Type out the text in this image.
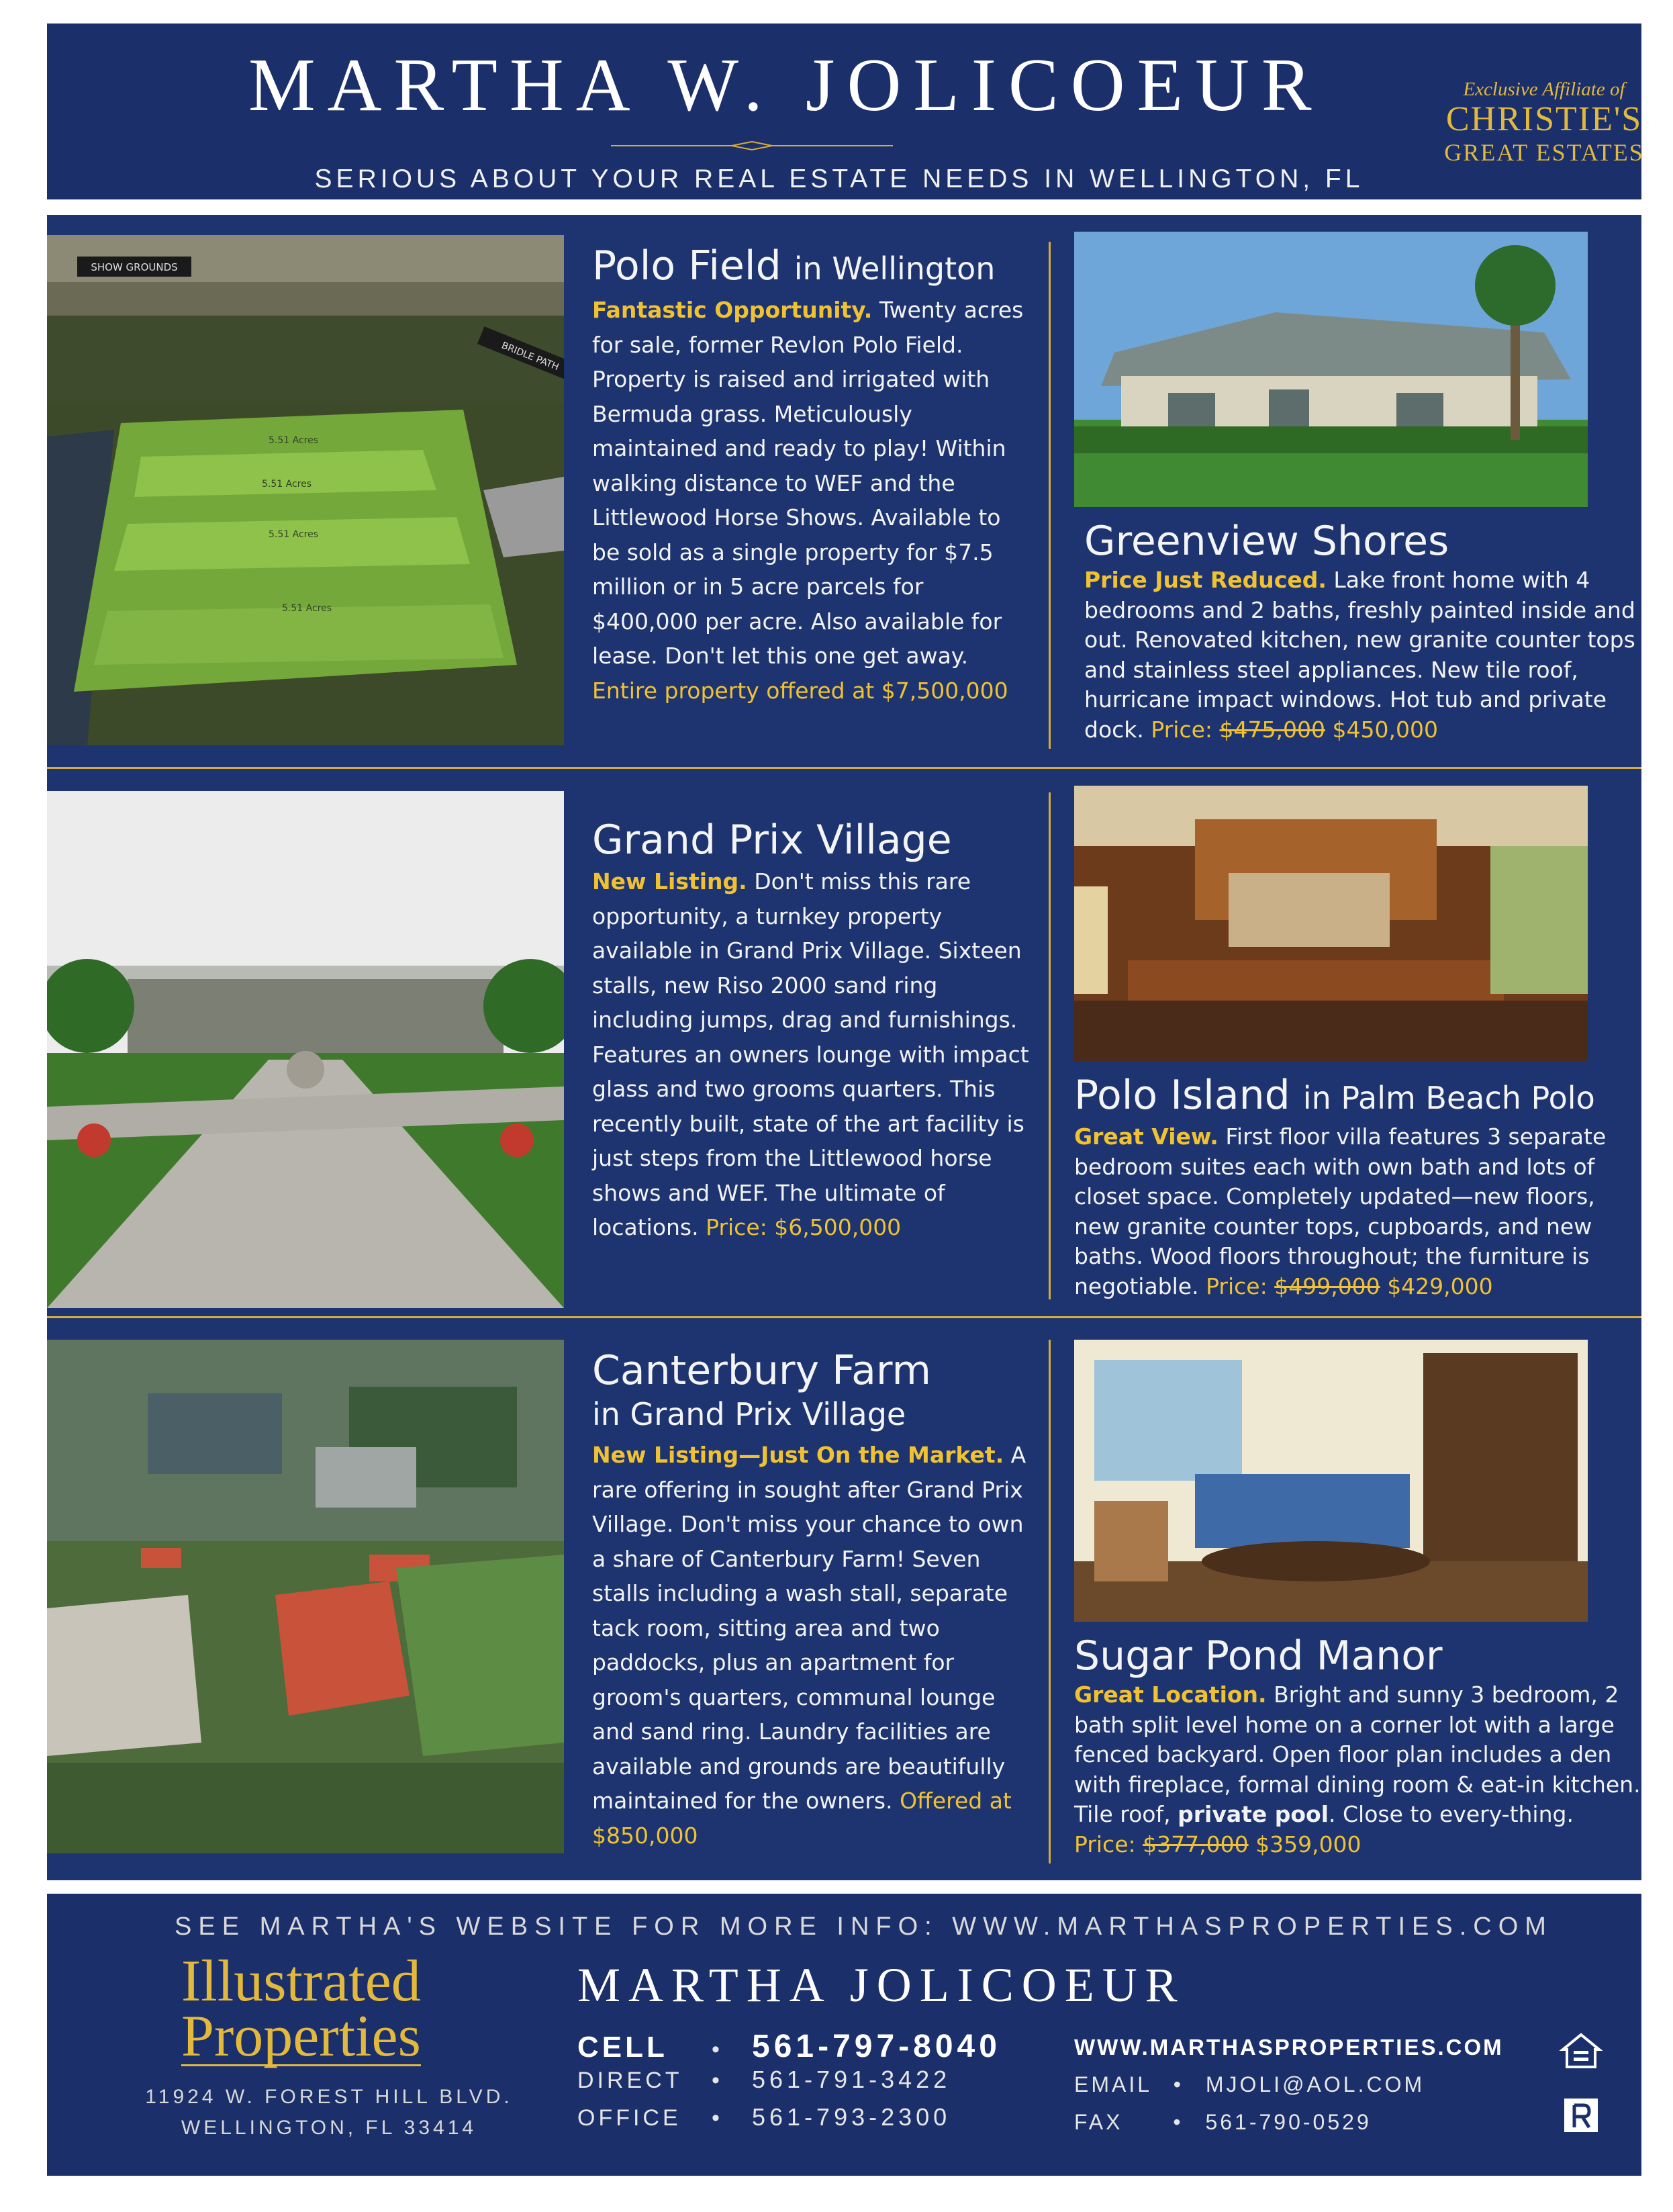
MARTHA W. JOLICOEUR
SERIOUS ABOUT YOUR REAL ESTATE NEEDS IN WELLINGTON, FL
Exclusive Affiliate of
CHRISTIE'S
GREAT ESTATES
SHOW GROUNDS
BRIDLE PATH
5.51 Acres
5.51 Acres
5.51 Acres
5.51 Acres
Polo Field in Wellington
Fantastic Opportunity. Twenty acres for sale, former Revlon Polo Field. Property is raised and irrigated with Bermuda grass. Meticulously maintained and ready to play! Within walking distance to WEF and the Littlewood Horse Shows. Available to be sold as a single property for $7.5 million or in 5 acre parcels for $400,000 per acre. Also available for lease. Don't let this one get away. Entire property offered at $7,500,000
Greenview Shores
Price Just Reduced. Lake front home with 4 bedrooms and 2 baths, freshly painted inside and out. Renovated kitchen, new granite counter tops and stainless steel appliances. New tile roof, hurricane impact windows. Hot tub and private dock. Price: $475,000 $450,000
Grand Prix Village
New Listing. Don't miss this rare opportunity, a turnkey property available in Grand Prix Village. Sixteen stalls, new Riso 2000 sand ring including jumps, drag and furnishings. Features an owners lounge with impact glass and two grooms quarters. This recently built, state of the art facility is just steps from the Littlewood horse shows and WEF. The ultimate of locations. Price: $6,500,000
Polo Island in Palm Beach Polo
Great View. First floor villa features 3 separate bedroom suites each with own bath and lots of closet space. Completely updated—new floors, new granite counter tops, cupboards, and new baths. Wood floors throughout; the furniture is negotiable. Price: $499,000 $429,000
Canterbury Farm
in Grand Prix Village
New Listing—Just On the Market. A rare offering in sought after Grand Prix Village. Don't miss your chance to own a share of Canterbury Farm! Seven stalls including a wash stall, separate tack room, sitting area and two paddocks, plus an apartment for groom's quarters, communal lounge and sand ring. Laundry facilities are available and grounds are beautifully maintained for the owners. Offered at $850,000
Sugar Pond Manor
Great Location. Bright and sunny 3 bedroom, 2 bath split level home on a corner lot with a large fenced backyard. Open floor plan includes a den with fireplace, formal dining room & eat-in kitchen. Tile roof, private pool. Close to every-thing. Price: $377,000 $359,000
SEE MARTHA'S WEBSITE FOR MORE INFO: WWW.MARTHASPROPERTIES.COM
Illustrated
Properties
11924 W. FOREST HILL BLVD.
WELLINGTON, FL 33414
MARTHA JOLICOEUR
CELL	•	561-797-8040
DIRECT	•	561-791-3422
OFFICE	•	561-793-2300
WWW.MARTHASPROPERTIES.COM
EMAIL • MJOLI@AOL.COM
FAX • 561-790-0529
